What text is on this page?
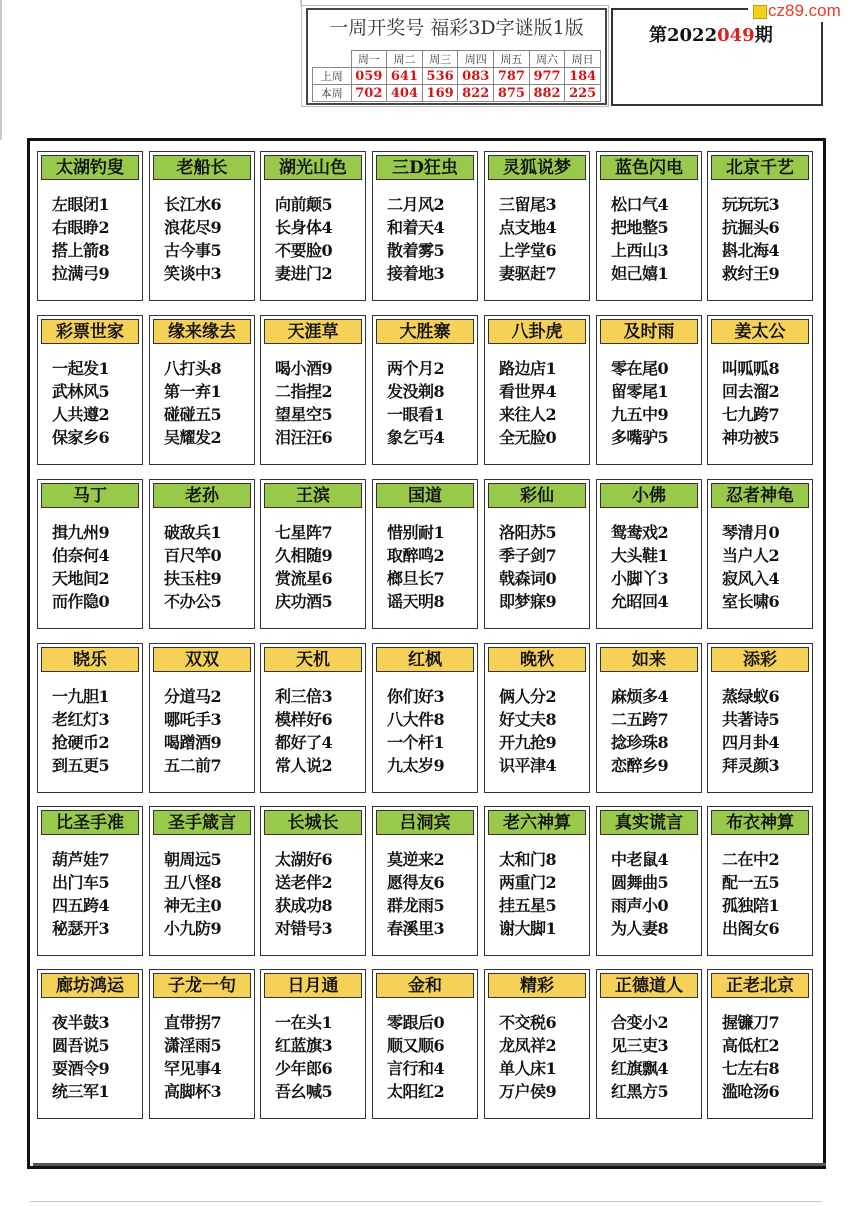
一周开奖号 福彩3D字谜版1版
	周一	周二	周三	周四	周五	周六	周日
上周	059	641	536	083	787	977	184
本周	702	404	169	822	875	882	225
第2022049期
cz89.com
太湖钓叟
左眼闭1
右眼睁2
搭上箭8
拉满弓9
老船长
长江水6
浪花尽9
古今事5
笑谈中3
湖光山色
向前颠5
长身体4
不要脸0
妻进门2
三D狂虫
二月风2
和着天4
散着雾5
接着地3
灵狐说梦
三留尾3
点支地4
上学堂6
妻驱赶7
蓝色闪电
松口气4
把地整5
上西山3
妲己嬉1
北京千艺
玩玩玩3
抗掘头6
斟北海4
救纣王9
彩票世家
一起发1
武林风5
人共遵2
保家乡6
缘来缘去
八打头8
第一弃1
碰碰五5
吴耀发2
天涯草
喝小酒9
二指捏2
望星空5
泪汪汪6
大胜寨
两个月2
发没剃8
一眼看1
象乞丐4
八卦虎
路边店1
看世界4
来往人2
全无脸0
及时雨
零在尾0
留零尾1
九五中9
多嘴驴5
姜太公
叫呱呱8
回去溜2
七九跨7
神功被5
马丁
揖九州9
伯奈何4
天地间2
而作隐0
老孙
破敌兵1
百尺竿0
扶玉柱9
不办公5
王滨
七星阵7
久相随9
赏流星6
庆功酒5
国道
惜别耐1
取醉鸣2
榔旦长7
谣天明8
彩仙
洛阳苏5
季子剑7
戟森词0
即梦寐9
小佛
鸳鸯戏2
大头鞋1
小脚丫3
允昭回4
忍者神龟
琴清月0
当户人2
寂风入4
室长啸6
晓乐
一九胆1
老红灯3
抢硬币2
到五更5
双双
分道马2
哪吒手3
喝蹭酒9
五二前7
天机
利三倍3
模样好6
都好了4
常人说2
红枫
你们好3
八大件8
一个杆1
九太岁9
晚秋
俩人分2
好丈夫8
开九抢9
识平津4
如来
麻烦多4
二五跨7
捻珍珠8
恋醉乡9
添彩
蒸绿蚁6
共著诗5
四月卦4
拜灵颜3
比圣手准
葫芦娃7
出门车5
四五跨4
秘瑟开3
圣手箴言
朝周远5
丑八怪8
神无主0
小九防9
长城长
太湖好6
送老伴2
获成功8
对错号3
吕洞宾
莫逆来2
愿得友6
群龙雨5
春溪里3
老六神算
太和门8
两重门2
挂五星5
谢大脚1
真实谎言
中老鼠4
圆舞曲5
雨声小0
为人妻8
布衣神算
二在中2
配一五5
孤独陪1
出阁女6
廊坊鸿运
夜半鼓3
圆吾说5
耍酒令9
统三军1
子龙一句
直带拐7
潇淫雨5
罕见事4
高脚杯3
日月通
一在头1
红蓝旗3
少年郎6
吾幺喊5
金和
零跟后0
顺又顺6
言行和4
太阳红2
精彩
不交税6
龙凤祥2
单人床1
万户侯9
正德道人
合变小2
见三吏3
红旗飘4
红黑方5
正老北京
握镰刀7
高低杠2
七左右8
滥呛汤6
